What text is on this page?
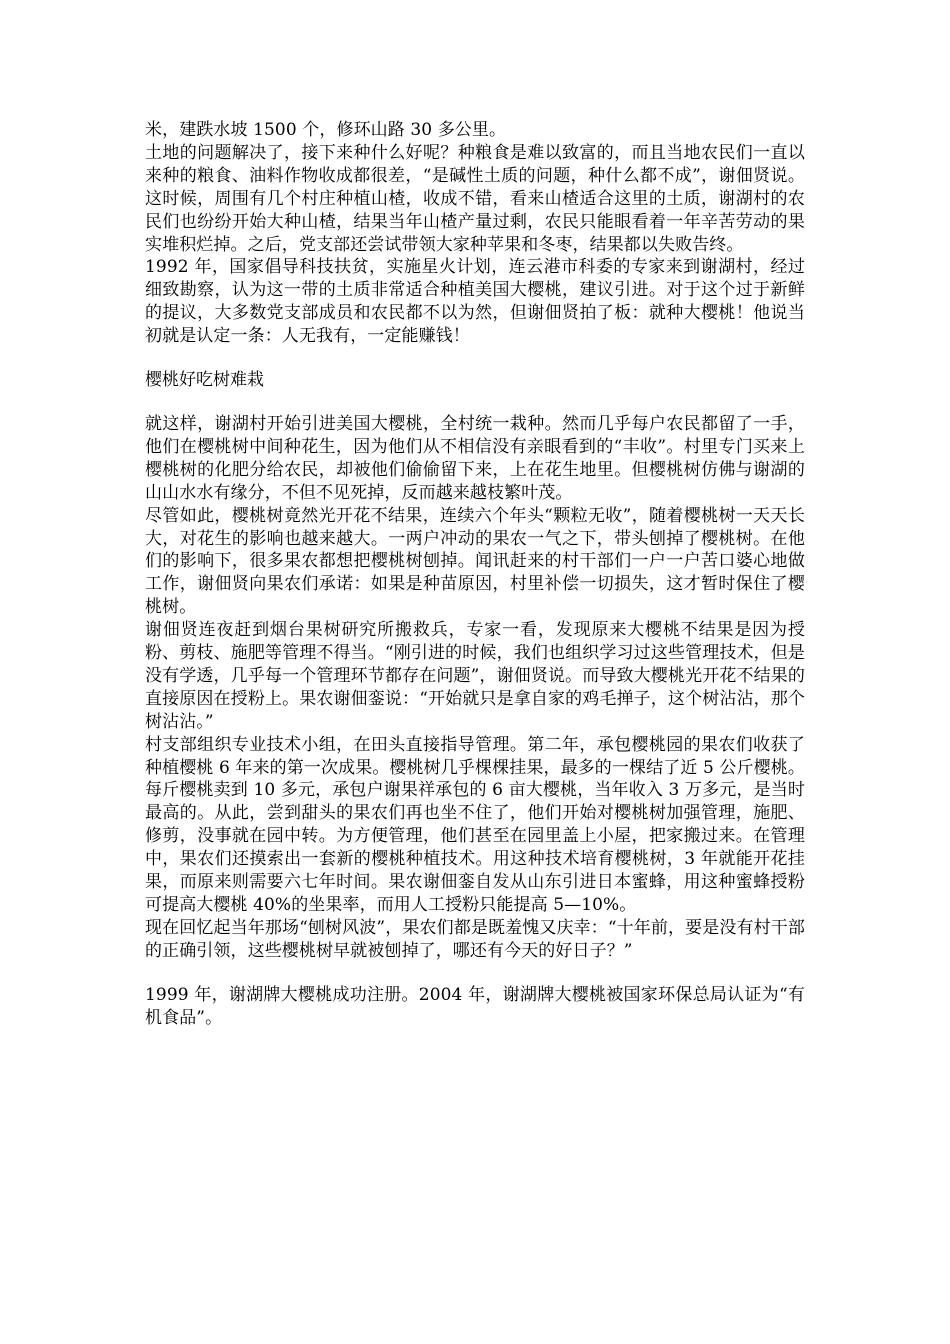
米，建跌水坡 1500 个，修环山路 30 多公里。

土地的问题解决了，接下来种什么好呢？种粮食是难以致富的，而且当地农民们一直以来种的粮食、油料作物收成都很差，“是碱性土质的问题，种什么都不成”，谢佃贤说。这时候，周围有几个村庄种植山楂，收成不错，看来山楂适合这里的土质，谢湖村的农民们也纷纷开始大种山楂，结果当年山楂产量过剩，农民只能眼看着一年辛苦劳动的果实堆积烂掉。之后，党支部还尝试带领大家种苹果和冬枣，结果都以失败告终。

1992 年，国家倡导科技扶贫，实施星火计划，连云港市科委的专家来到谢湖村，经过细致勘察，认为这一带的土质非常适合种植美国大樱桃，建议引进。对于这个过于新鲜的提议，大多数党支部成员和农民都不以为然，但谢佃贤拍了板：就种大樱桃！他说当初就是认定一条：人无我有，一定能赚钱！

樱桃好吃树难栽

就这样，谢湖村开始引进美国大樱桃，全村统一栽种。然而几乎每户农民都留了一手，他们在樱桃树中间种花生，因为他们从不相信没有亲眼看到的“丰收”。村里专门买来上樱桃树的化肥分给农民，却被他们偷偷留下来，上在花生地里。但樱桃树仿佛与谢湖的山山水水有缘分，不但不见死掉，反而越来越枝繁叶茂。

尽管如此，樱桃树竟然光开花不结果，连续六个年头“颗粒无收”，随着樱桃树一天天长大，对花生的影响也越来越大。一两户冲动的果农一气之下，带头刨掉了樱桃树。在他们的影响下，很多果农都想把樱桃树刨掉。闻讯赶来的村干部们一户一户苦口婆心地做工作，谢佃贤向果农们承诺：如果是种苗原因，村里补偿一切损失，这才暂时保住了樱桃树。

谢佃贤连夜赶到烟台果树研究所搬救兵，专家一看，发现原来大樱桃不结果是因为授粉、剪枝、施肥等管理不得当。“刚引进的时候，我们也组织学习过这些管理技术，但是没有学透，几乎每一个管理环节都存在问题”，谢佃贤说。而导致大樱桃光开花不结果的直接原因在授粉上。果农谢佃銮说：“开始就只是拿自家的鸡毛掸子，这个树沾沾，那个树沾沾。”

村支部组织专业技术小组，在田头直接指导管理。第二年，承包樱桃园的果农们收获了种植樱桃 6 年来的第一次成果。樱桃树几乎棵棵挂果，最多的一棵结了近 5 公斤樱桃。每斤樱桃卖到 10 多元，承包户谢果祥承包的 6 亩大樱桃，当年收入 3 万多元，是当时最高的。从此，尝到甜头的果农们再也坐不住了，他们开始对樱桃树加强管理，施肥、修剪，没事就在园中转。为方便管理，他们甚至在园里盖上小屋，把家搬过来。在管理中，果农们还摸索出一套新的樱桃种植技术。用这种技术培育樱桃树，3 年就能开花挂果，而原来则需要六七年时间。果农谢佃銮自发从山东引进日本蜜蜂，用这种蜜蜂授粉可提高大樱桃 40%的坐果率，而用人工授粉只能提高 5—10%。

现在回忆起当年那场“刨树风波”，果农们都是既羞愧又庆幸：“十年前，要是没有村干部的正确引领，这些樱桃树早就被刨掉了，哪还有今天的好日子？”

1999 年，谢湖牌大樱桃成功注册。2004 年，谢湖牌大樱桃被国家环保总局认证为“有机食品”。
